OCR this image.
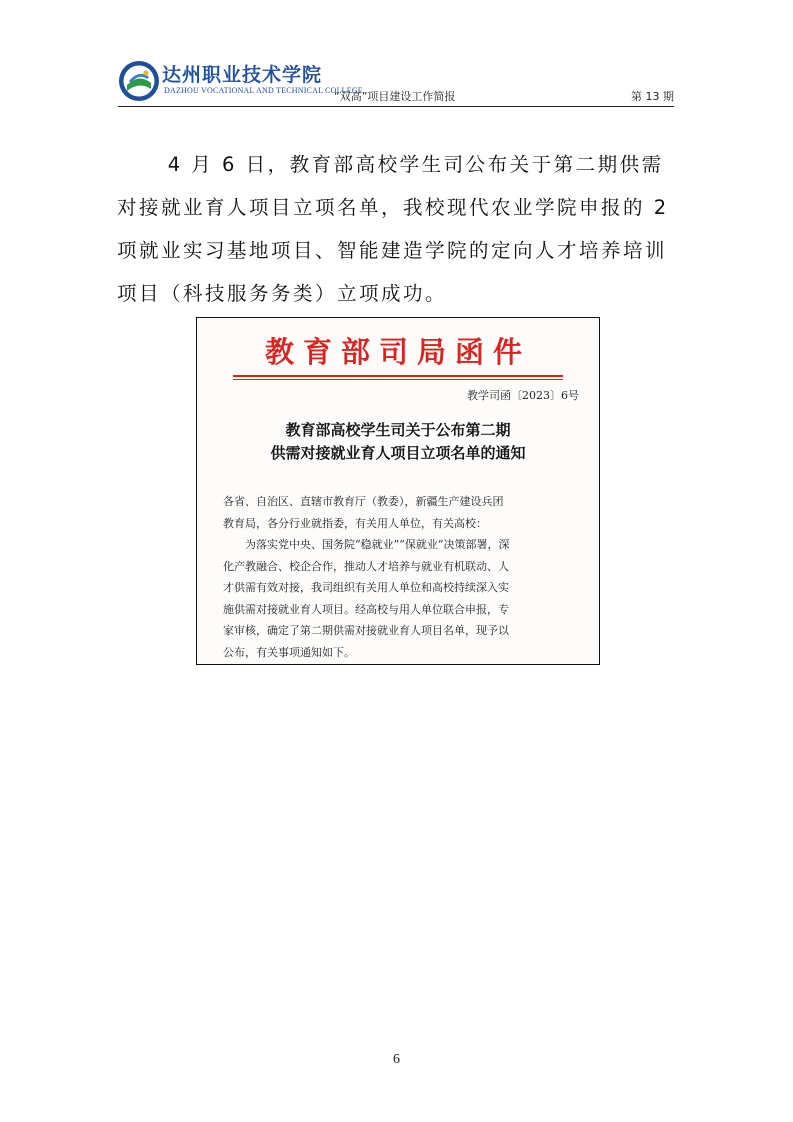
达州职业技术学院
DAZHOU VOCATIONAL AND TECHNICAL COLLEGE
“双高”项目建设工作简报	第 13 期

4 月 6 日，教育部高校学生司公布关于第二期供需对接就业育人项目立项名单，我校现代农业学院申报的 2 项就业实习基地项目、智能建造学院的定向人才培养培训项目（科技服务务类）立项成功。

教育部司局函件
教学司函〔2023〕6号
教育部高校学生司关于公布第二期
供需对接就业育人项目立项名单的通知

各省、自治区、直辖市教育厅（教委），新疆生产建设兵团

教育局，各分行业就指委，有关用人单位，有关高校：

为落实党中央、国务院“稳就业”“保就业”决策部署，深

化产教融合、校企合作，推动人才培养与就业有机联动、人

才供需有效对接，我司组织有关用人单位和高校持续深入实

施供需对接就业育人项目。经高校与用人单位联合申报，专

家审核，确定了第二期供需对接就业育人项目名单，现予以

公布，有关事项通知如下。

6
